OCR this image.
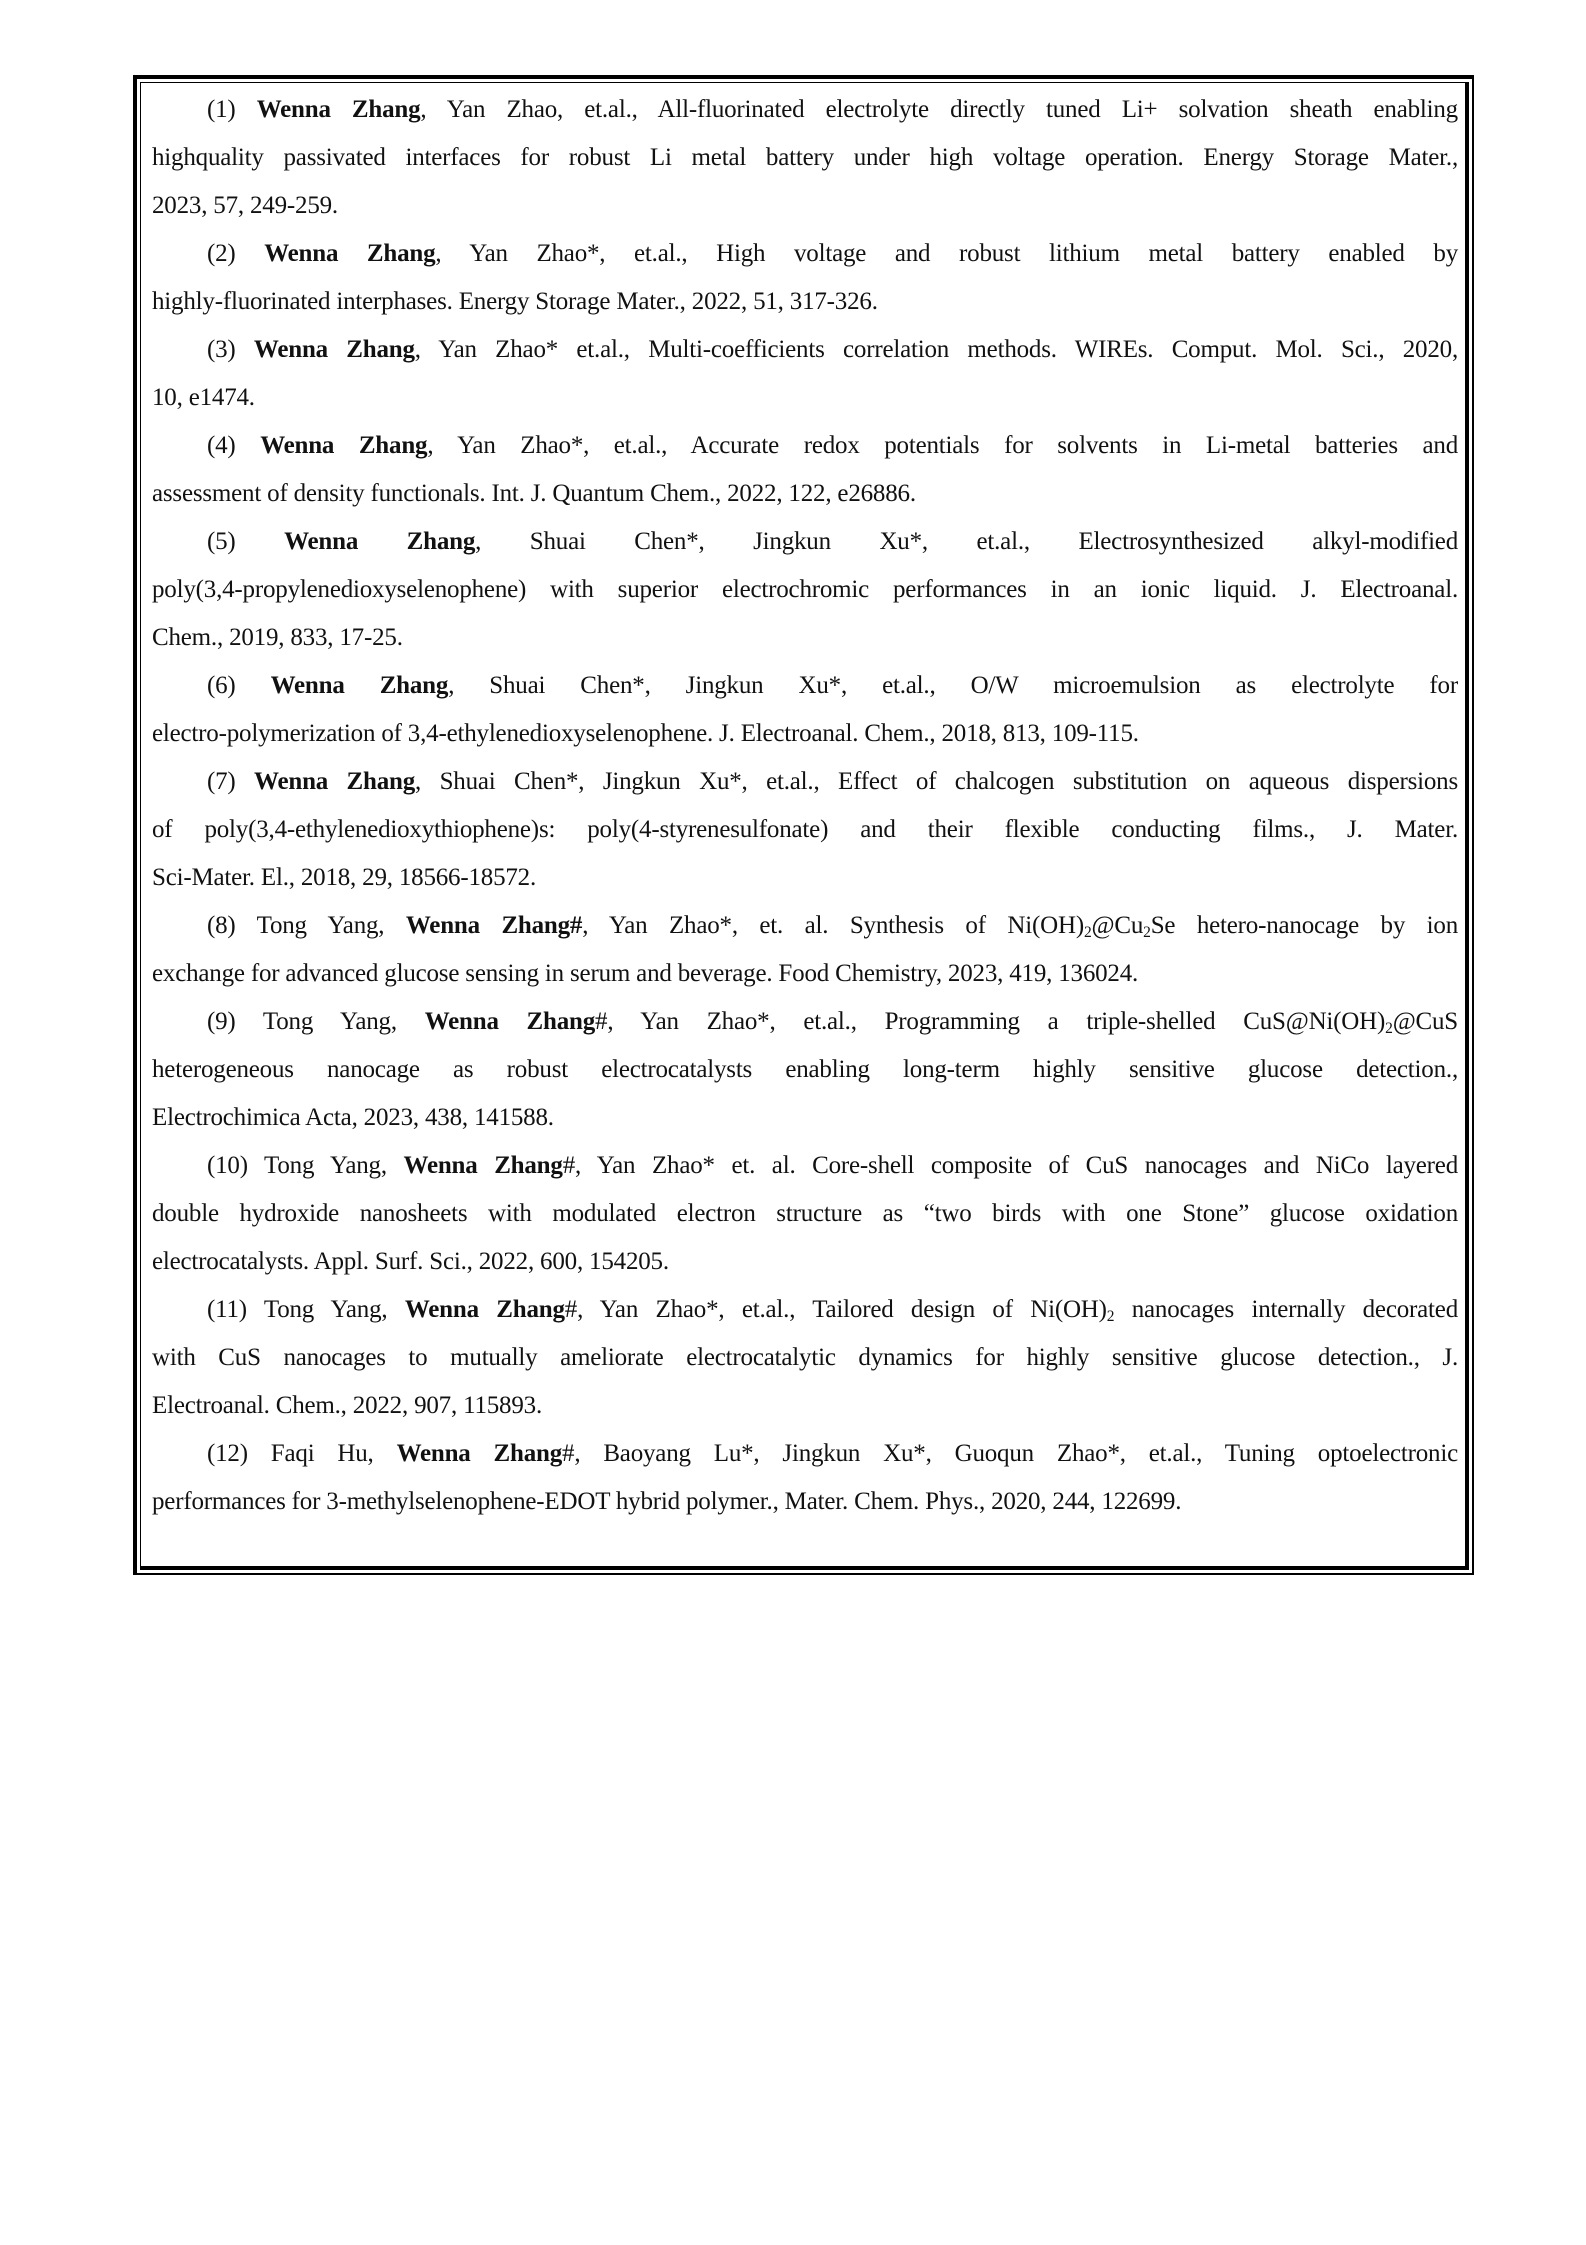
(1) Wenna Zhang, Yan Zhao, et.al., All-fluorinated electrolyte directly tuned Li+ solvation sheath enabling
highquality passivated interfaces for robust Li metal battery under high voltage operation. Energy Storage Mater.,
2023, 57, 249-259.
(2) Wenna Zhang, Yan Zhao*, et.al., High voltage and robust lithium metal battery enabled by
highly-fluorinated interphases. Energy Storage Mater., 2022, 51, 317-326.
(3) Wenna Zhang, Yan Zhao* et.al., Multi-coefficients correlation methods. WIREs. Comput. Mol. Sci., 2020,
10, e1474.
(4) Wenna Zhang, Yan Zhao*, et.al., Accurate redox potentials for solvents in Li-metal batteries and
assessment of density functionals. Int. J. Quantum Chem., 2022, 122, e26886.
(5) Wenna Zhang, Shuai Chen*, Jingkun Xu*, et.al., Electrosynthesized alkyl-modified
poly(3,4-propylenedioxyselenophene) with superior electrochromic performances in an ionic liquid. J. Electroanal.
Chem., 2019, 833, 17-25.
(6) Wenna Zhang, Shuai Chen*, Jingkun Xu*, et.al., O/W microemulsion as electrolyte for
electro-polymerization of 3,4-ethylenedioxyselenophene. J. Electroanal. Chem., 2018, 813, 109-115.
(7) Wenna Zhang, Shuai Chen*, Jingkun Xu*, et.al., Effect of chalcogen substitution on aqueous dispersions
of poly(3,4-ethylenedioxythiophene)s: poly(4-styrenesulfonate) and their flexible conducting films., J. Mater.
Sci-Mater. El., 2018, 29, 18566-18572.
(8) Tong Yang, Wenna Zhang#, Yan Zhao*, et. al. Synthesis of $Ni(OH)_2@Cu_2Se$ hetero-nanocage by ion
exchange for advanced glucose sensing in serum and beverage. Food Chemistry, 2023, 419, 136024.
(9) Tong Yang, Wenna Zhang#, Yan Zhao*, et.al., Programming a triple-shelled $CuS@Ni(OH)_2@CuS$
heterogeneous nanocage as robust electrocatalysts enabling long-term highly sensitive glucose detection.,
Electrochimica Acta, 2023, 438, 141588.
(10) Tong Yang, Wenna Zhang#, Yan Zhao* et. al. Core-shell composite of CuS nanocages and NiCo layered
double hydroxide nanosheets with modulated electron structure as “two birds with one Stone” glucose oxidation
electrocatalysts. Appl. Surf. Sci., 2022, 600, 154205.
(11) Tong Yang, Wenna Zhang#, Yan Zhao*, et.al., Tailored design of $Ni(OH)_2$ nanocages internally decorated
with CuS nanocages to mutually ameliorate electrocatalytic dynamics for highly sensitive glucose detection., J.
Electroanal. Chem., 2022, 907, 115893.
(12) Faqi Hu, Wenna Zhang#, Baoyang Lu*, Jingkun Xu*, Guoqun Zhao*, et.al., Tuning optoelectronic
performances for 3-methylselenophene-EDOT hybrid polymer., Mater. Chem. Phys., 2020, 244, 122699.
